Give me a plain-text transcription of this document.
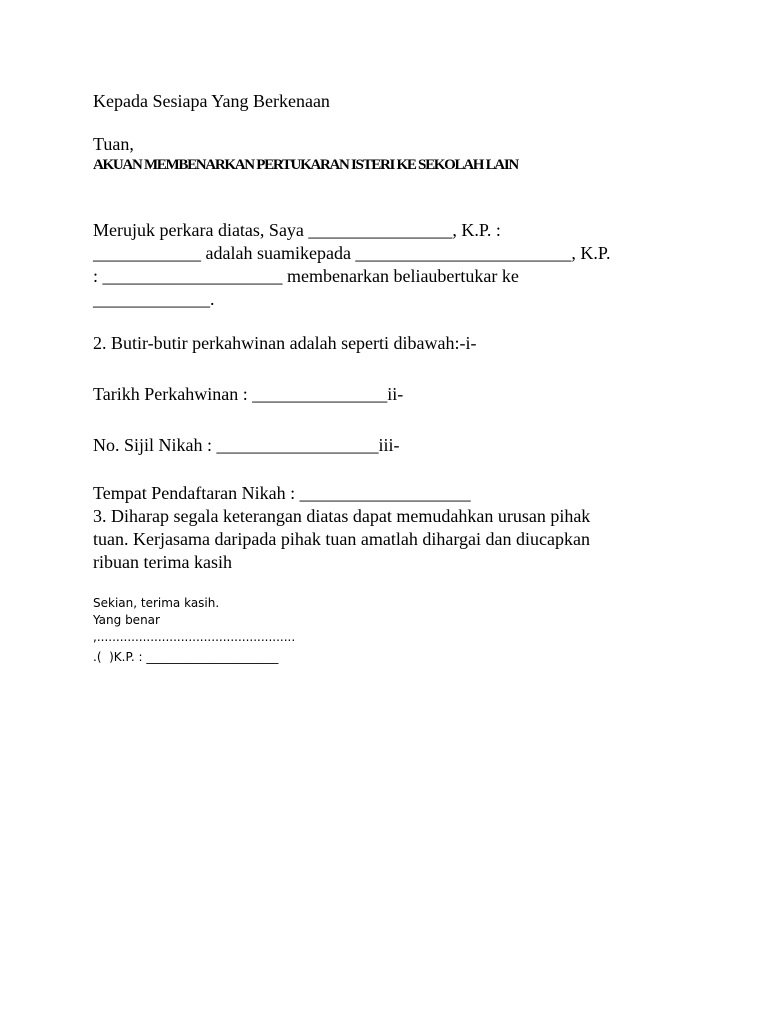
Kepada Sesiapa Yang Berkenaan
Tuan,
AKUAN MEMBENARKAN PERTUKARAN ISTERI KE SEKOLAH LAIN
Merujuk perkara diatas, Saya ________________, K.P. :
____________ adalah suamikepada ________________________, K.P.
: ____________________ membenarkan beliaubertukar ke
_____________.
2. Butir-butir perkahwinan adalah seperti dibawah:-i-
Tarikh Perkahwinan : _______________ii-
No. Sijil Nikah : __________________iii-
Tempat Pendaftaran Nikah : ___________________
3. Diharap segala keterangan diatas dapat memudahkan urusan pihak
tuan. Kerjasama daripada pihak tuan amatlah dihargai dan diucapkan
ribuan terima kasih
Sekian, terima kasih.
Yang benar
,....................................................
.(  )K.P. : ______________________
